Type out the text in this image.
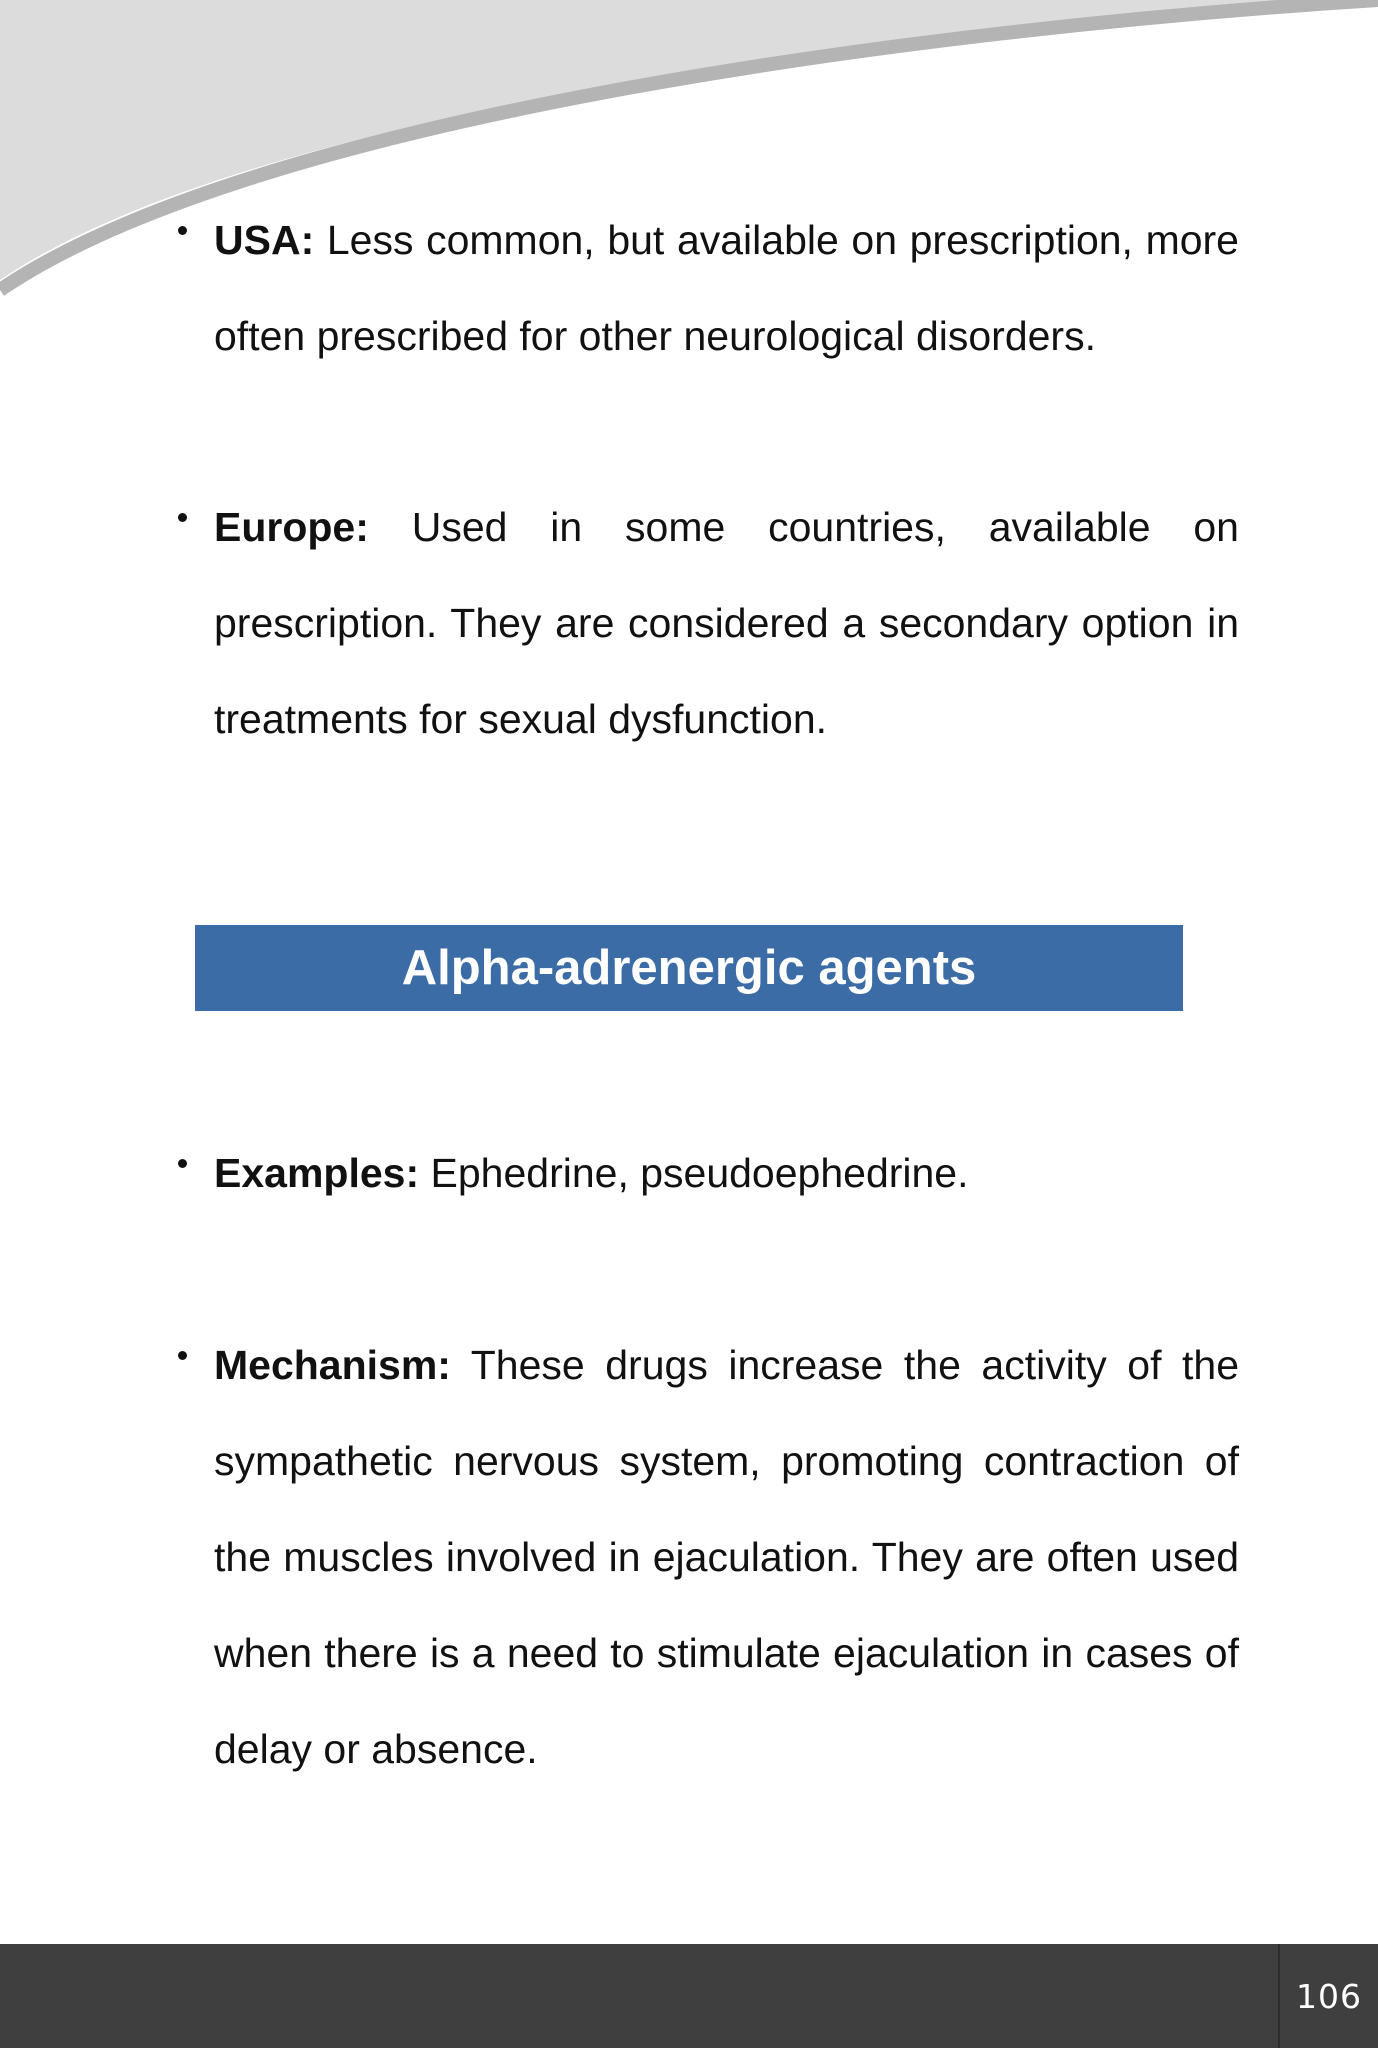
USA: Less common, but available on prescription, more often prescribed for other neurological disorders.

Europe: Used in some countries, available on prescription. They are considered a secondary option in treatments for sexual dysfunction.

Alpha-adrenergic agents

Examples: Ephedrine, pseudoephedrine.

Mechanism: These drugs increase the activity of the sympathetic nervous system, promoting contraction of the muscles involved in ejaculation. They are often used when there is a need to stimulate ejaculation in cases of delay or absence.

106
